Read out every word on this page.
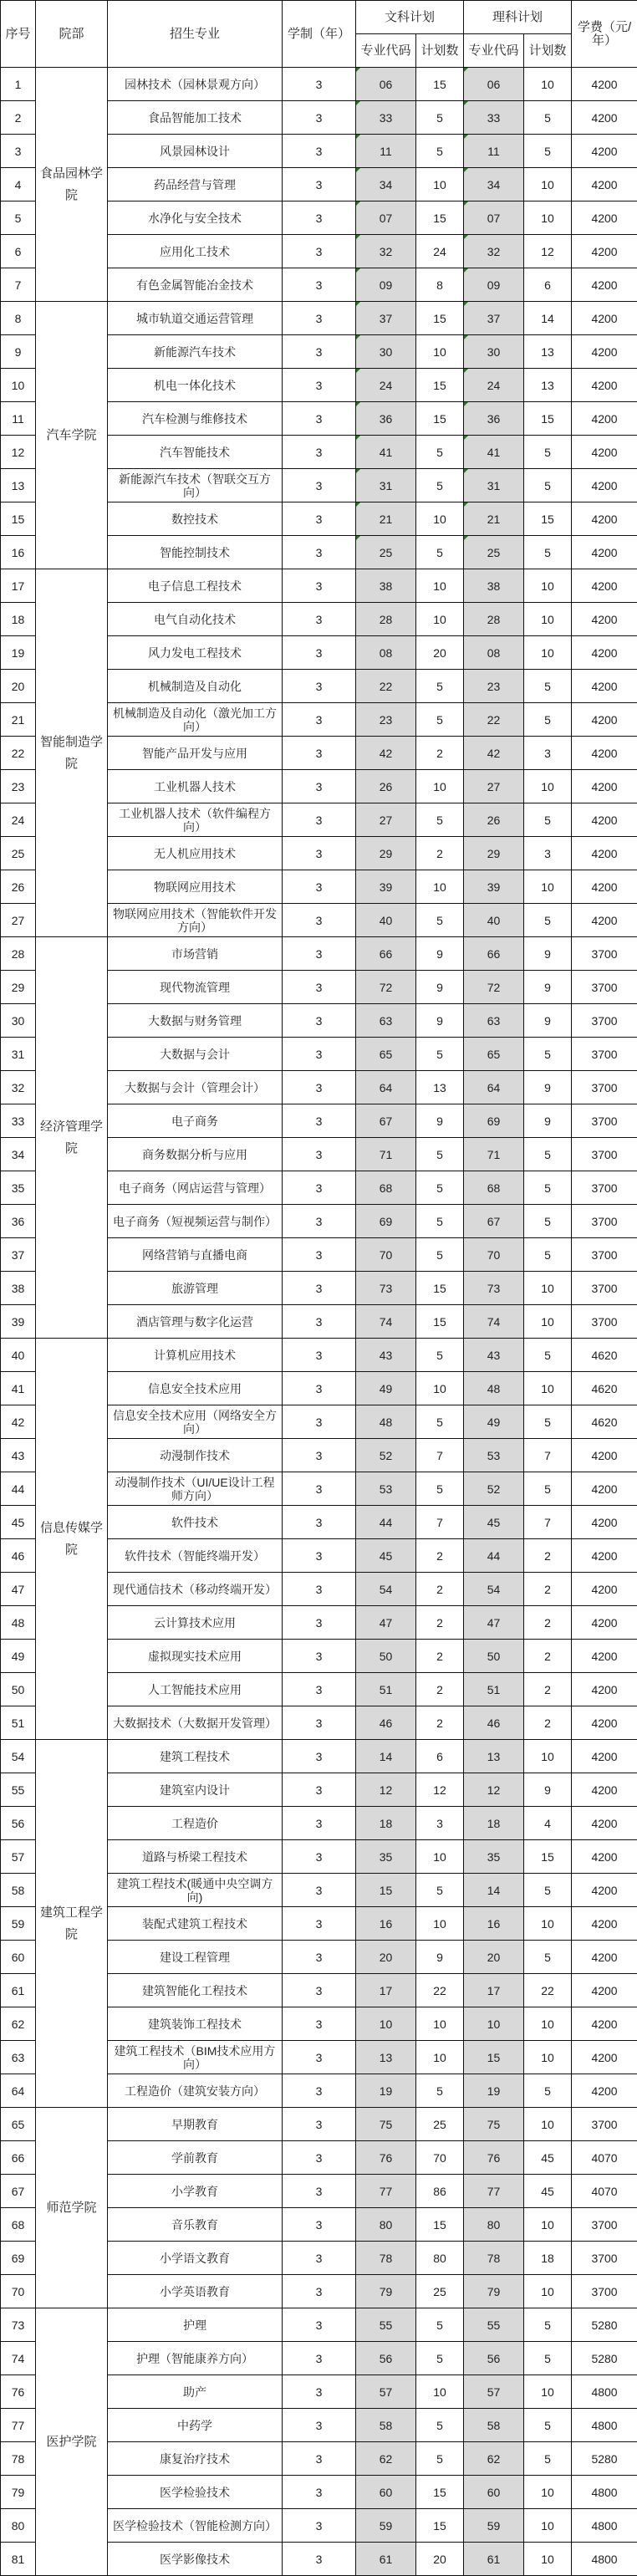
序号	院部	招生专业	学制（年）	文科计划		理科计划		学费（元/年）
				专业代码	计划数	专业代码	计划数	
1	食品园林学院	园林技术（园林景观方向）	3	06	15	06	10	4200
2		食品智能加工技术	3	33	5	33	5	4200
3		风景园林设计	3	11	5	11	5	4200
4		药品经营与管理	3	34	10	34	10	4200
5		水净化与安全技术	3	07	15	07	10	4200
6		应用化工技术	3	32	24	32	12	4200
7		有色金属智能冶金技术	3	09	8	09	6	4200
8	汽车学院	城市轨道交通运营管理	3	37	15	37	14	4200
9		新能源汽车技术	3	30	10	30	13	4200
10		机电一体化技术	3	24	15	24	13	4200
11		汽车检测与维修技术	3	36	15	36	15	4200
12		汽车智能技术	3	41	5	41	5	4200
13		新能源汽车技术（智联交互方向）	3	31	5	31	5	4200
15		数控技术	3	21	10	21	15	4200
16		智能控制技术	3	25	5	25	5	4200
17	智能制造学院	电子信息工程技术	3	38	10	38	10	4200
18		电气自动化技术	3	28	10	28	10	4200
19		风力发电工程技术	3	08	20	08	10	4200
20		机械制造及自动化	3	22	5	23	5	4200
21		机械制造及自动化（激光加工方向）	3	23	5	22	5	4200
22		智能产品开发与应用	3	42	2	42	3	4200
23		工业机器人技术	3	26	10	27	10	4200
24		工业机器人技术（软件编程方向）	3	27	5	26	5	4200
25		无人机应用技术	3	29	2	29	3	4200
26		物联网应用技术	3	39	10	39	10	4200
27		物联网应用技术（智能软件开发方向）	3	40	5	40	5	4200
28	经济管理学院	市场营销	3	66	9	66	9	3700
29		现代物流管理	3	72	9	72	9	3700
30		大数据与财务管理	3	63	9	63	9	3700
31		大数据与会计	3	65	5	65	5	3700
32		大数据与会计（管理会计）	3	64	13	64	9	3700
33		电子商务	3	67	9	69	9	3700
34		商务数据分析与应用	3	71	5	71	5	3700
35		电子商务（网店运营与管理）	3	68	5	68	5	3700
36		电子商务（短视频运营与制作）	3	69	5	67	5	3700
37		网络营销与直播电商	3	70	5	70	5	3700
38		旅游管理	3	73	15	73	10	3700
39		酒店管理与数字化运营	3	74	15	74	10	3700
40	信息传媒学院	计算机应用技术	3	43	5	43	5	4620
41		信息安全技术应用	3	49	10	48	10	4620
42		信息安全技术应用（网络安全方向）	3	48	5	49	5	4620
43		动漫制作技术	3	52	7	53	7	4200
44		动漫制作技术（UI/UE设计工程师方向）	3	53	5	52	5	4200
45		软件技术	3	44	7	45	7	4200
46		软件技术（智能终端开发）	3	45	2	44	2	4200
47		现代通信技术（移动终端开发）	3	54	2	54	2	4200
48		云计算技术应用	3	47	2	47	2	4200
49		虚拟现实技术应用	3	50	2	50	2	4200
50		人工智能技术应用	3	51	2	51	2	4200
51		大数据技术（大数据开发管理）	3	46	2	46	2	4200
54	建筑工程学院	建筑工程技术	3	14	6	13	10	4200
55		建筑室内设计	3	12	12	12	9	4200
56		工程造价	3	18	3	18	4	4200
57		道路与桥梁工程技术	3	35	10	35	15	4200
58		建筑工程技术(暖通中央空调方向)	3	15	5	14	5	4200
59		装配式建筑工程技术	3	16	10	16	10	4200
60		建设工程管理	3	20	9	20	5	4200
61		建筑智能化工程技术	3	17	22	17	22	4200
62		建筑装饰工程技术	3	10	10	10	10	4200
63		建筑工程技术（BIM技术应用方向）	3	13	10	15	10	4200
64		工程造价（建筑安装方向）	3	19	5	19	5	4200
65	师范学院	早期教育	3	75	25	75	10	3700
66		学前教育	3	76	70	76	45	4070
67		小学教育	3	77	86	77	45	4070
68		音乐教育	3	80	15	80	10	3700
69		小学语文教育	3	78	80	78	18	3700
70		小学英语教育	3	79	25	79	10	3700
73	医护学院	护理	3	55	5	55	5	5280
74		护理（智能康养方向）	3	56	5	56	5	5280
76		助产	3	57	10	57	10	4800
77		中药学	3	58	5	58	5	4800
78		康复治疗技术	3	62	5	62	5	5280
79		医学检验技术	3	60	15	60	10	4800
80		医学检验技术（智能检测方向）	3	59	15	59	10	4800
81		医学影像技术	3	61	20	61	10	4800
